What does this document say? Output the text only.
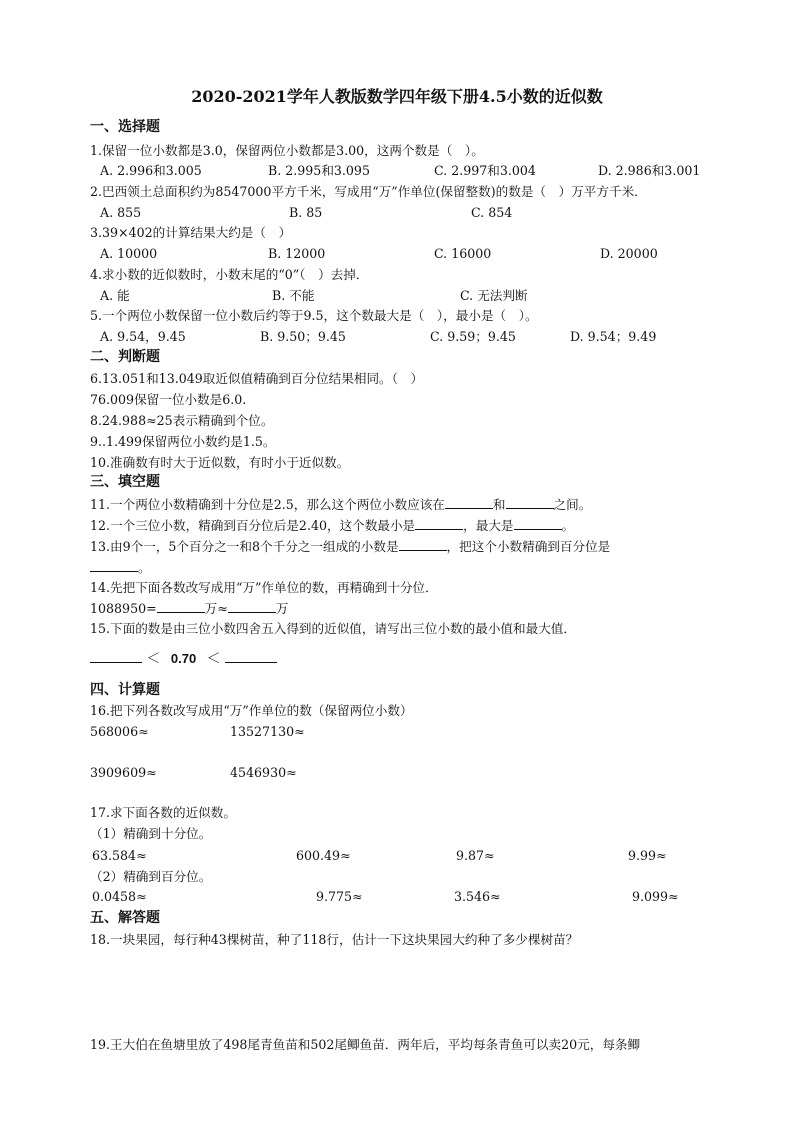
2020-2021学年人教版数学四年级下册4.5小数的近似数
一、选择题
1.保留一位小数都是3.0，保留两位小数都是3.00，这两个数是（　）。
A. 2.996和3.005	B. 2.995和3.095	C. 2.997和3.004	D. 2.986和3.001
2.巴西领土总面积约为8547000平方千米，写成用“万”作单位(保留整数)的数是（　）万平方千米．
A. 855	B. 85	C. 854
3.39×402的计算结果大约是（　）
A. 10000	B. 12000	C. 16000	D. 20000
4.求小数的近似数时，小数末尾的“0”（　）去掉．
A. 能	B. 不能	C. 无法判断
5.一个两位小数保留一位小数后约等于9.5，这个数最大是（　），最小是（　）。
A. 9.54，9.45	B. 9.50；9.45	C. 9.59；9.45	D. 9.54；9.49
二、判断题
6.13.051和13.049取近似值精确到百分位结果相同。（　）
76.009保留一位小数是6.0.
8.24.988≈25表示精确到个位。
9..1.499保留两位小数约是1.5。
10.准确数有时大于近似数，有时小于近似数。
三、填空题
11.一个两位小数精确到十分位是2.5，那么这个两位小数应该在	和	之间。
12.一个三位小数，精确到百分位后是2.40，这个数最小是	，最大是	。
13.由9个一，5个百分之一和8个千分之一组成的小数是	，把这个小数精确到百分位是
。
14.先把下面各数改写成用“万”作单位的数，再精确到十分位．
1088950=	万≈	万
15.下面的数是由三位小数四舍五入得到的近似值，请写出三位小数的最小值和最大值．
＜ 0.70 ＜
四、计算题
16.把下列各数改写成用“万”作单位的数（保留两位小数）
568006≈	13527130≈
3909609≈	4546930≈
17.求下面各数的近似数。
（1）精确到十分位。
63.584≈	600.49≈	9.87≈	9.99≈
（2）精确到百分位。
0.0458≈	9.775≈	3.546≈	9.099≈
五、解答题
18.一块果园，每行种43棵树苗，种了118行，估计一下这块果园大约种了多少棵树苗？
19.王大伯在鱼塘里放了498尾青鱼苗和502尾鲫鱼苗．两年后，平均每条青鱼可以卖20元，每条鲫
